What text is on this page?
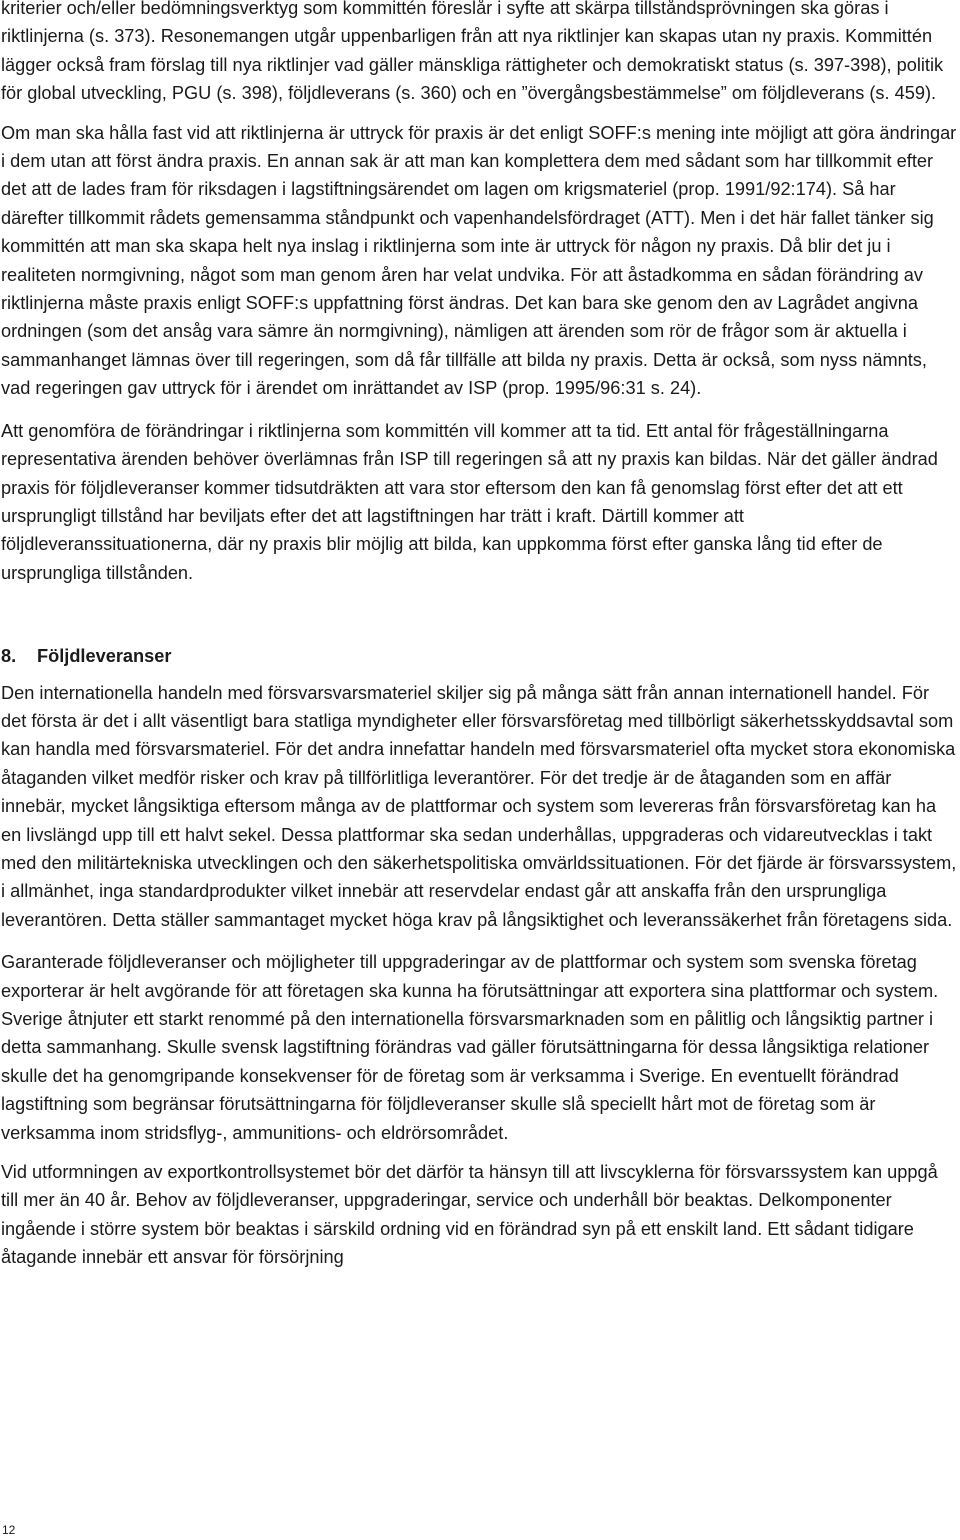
kriterier och/eller bedömningsverktyg som kommittén föreslår i syfte att skärpa tillståndsprövningen ska göras i riktlinjerna (s. 373). Resonemangen utgår uppenbarligen från att nya riktlinjer kan skapas utan ny praxis. Kommittén lägger också fram förslag till nya riktlinjer vad gäller mänskliga rättigheter och demokratiskt status (s. 397-398), politik för global utveckling, PGU (s. 398), följdleverans (s. 360) och en ”övergångsbestämmelse” om följdleverans (s. 459).

Om man ska hålla fast vid att riktlinjerna är uttryck för praxis är det enligt SOFF:s mening inte möjligt att göra ändringar i dem utan att först ändra praxis. En annan sak är att man kan komplettera dem med sådant som har tillkommit efter det att de lades fram för riksdagen i lagstiftningsärendet om lagen om krigsmateriel (prop. 1991/92:174). Så har därefter tillkommit rådets gemensamma ståndpunkt och vapenhandelsfördraget (ATT). Men i det här fallet tänker sig kommittén att man ska skapa helt nya inslag i riktlinjerna som inte är uttryck för någon ny praxis. Då blir det ju i realiteten normgivning, något som man genom åren har velat undvika. För att åstadkomma en sådan förändring av riktlinjerna måste praxis enligt SOFF:s uppfattning först ändras. Det kan bara ske genom den av Lagrådet angivna ordningen (som det ansåg vara sämre än normgivning), nämligen att ärenden som rör de frågor som är aktuella i sammanhanget lämnas över till regeringen, som då får tillfälle att bilda ny praxis. Detta är också, som nyss nämnts, vad regeringen gav uttryck för i ärendet om inrättandet av ISP (prop. 1995/96:31 s. 24).

Att genomföra de förändringar i riktlinjerna som kommittén vill kommer att ta tid. Ett antal för frågeställningarna representativa ärenden behöver överlämnas från ISP till regeringen så att ny praxis kan bildas. När det gäller ändrad praxis för följdleveranser kommer tidsutdräkten att vara stor eftersom den kan få genomslag först efter det att ett ursprungligt tillstånd har beviljats efter det att lagstiftningen har trätt i kraft. Därtill kommer att följdleveranssituationerna, där ny praxis blir möjlig att bilda, kan uppkomma först efter ganska lång tid efter de ursprungliga tillstånden.

8. Följdleveranser

Den internationella handeln med försvarsvarsmateriel skiljer sig på många sätt från annan internationell handel. För det första är det i allt väsentligt bara statliga myndigheter eller försvarsföretag med tillbörligt säkerhetsskyddsavtal som kan handla med försvarsmateriel. För det andra innefattar handeln med försvarsmateriel ofta mycket stora ekonomiska åtaganden vilket medför risker och krav på tillförlitliga leverantörer. För det tredje är de åtaganden som en affär innebär, mycket långsiktiga eftersom många av de plattformar och system som levereras från försvarsföretag kan ha en livslängd upp till ett halvt sekel. Dessa plattformar ska sedan underhållas, uppgraderas och vidareutvecklas i takt med den militärtekniska utvecklingen och den säkerhetspolitiska omvärldssituationen. För det fjärde är försvarssystem, i allmänhet, inga standardprodukter vilket innebär att reservdelar endast går att anskaffa från den ursprungliga leverantören. Detta ställer sammantaget mycket höga krav på långsiktighet och leveranssäkerhet från företagens sida.

Garanterade följdleveranser och möjligheter till uppgraderingar av de plattformar och system som svenska företag exporterar är helt avgörande för att företagen ska kunna ha förutsättningar att exportera sina plattformar och system. Sverige åtnjuter ett starkt renommé på den internationella försvarsmarknaden som en pålitlig och långsiktig partner i detta sammanhang. Skulle svensk lagstiftning förändras vad gäller förutsättningarna för dessa långsiktiga relationer skulle det ha genomgripande konsekvenser för de företag som är verksamma i Sverige. En eventuellt förändrad lagstiftning som begränsar förutsättningarna för följdleveranser skulle slå speciellt hårt mot de företag som är verksamma inom stridsflyg-, ammunitions- och eldrörsområdet.

Vid utformningen av exportkontrollsystemet bör det därför ta hänsyn till att livscyklerna för försvarssystem kan uppgå till mer än 40 år. Behov av följdleveranser, uppgraderingar, service och underhåll bör beaktas. Delkomponenter ingående i större system bör beaktas i särskild ordning vid en förändrad syn på ett enskilt land. Ett sådant tidigare åtagande innebär ett ansvar för försörjning

12
